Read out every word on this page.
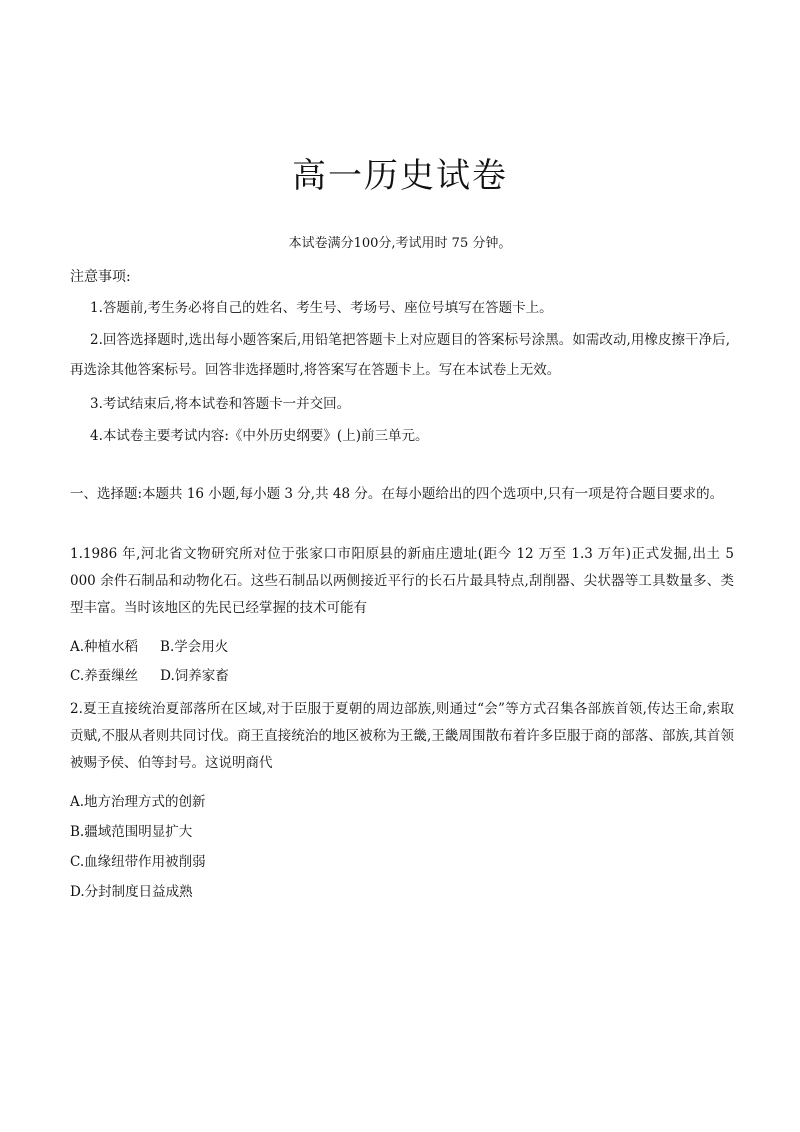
高一历史试卷
本试卷满分100分,考试用时 75 分钟。
注意事项:
1.答题前,考生务必将自己的姓名、考生号、考场号、座位号填写在答题卡上。
2.回答选择题时,选出每小题答案后,用铅笔把答题卡上对应题目的答案标号涂黑。如需改动,用橡皮擦干净后,再选涂其他答案标号。回答非选择题时,将答案写在答题卡上。写在本试卷上无效。
3.考试结束后,将本试卷和答题卡一并交回。
4.本试卷主要考试内容:《中外历史纲要》(上)前三单元。
一、选择题:本题共 16 小题,每小题 3 分,共 48 分。在每小题给出的四个选项中,只有一项是符合题目要求的。
1.1986 年,河北省文物研究所对位于张家口市阳原县的新庙庄遗址(距今 12 万至 1.3 万年)正式发掘,出土 5 000 余件石制品和动物化石。这些石制品以两侧接近平行的长石片最具特点,刮削器、尖状器等工具数量多、类型丰富。当时该地区的先民已经掌握的技术可能有
A.种植水稻 B.学会用火
C.养蚕缫丝 D.饲养家畜
2.夏王直接统治夏部落所在区域,对于臣服于夏朝的周边部族,则通过“会”等方式召集各部族首领,传达王命,索取贡赋,不服从者则共同讨伐。商王直接统治的地区被称为王畿,王畿周围散布着许多臣服于商的部落、部族,其首领被赐予侯、伯等封号。这说明商代
A.地方治理方式的创新
B.疆域范围明显扩大
C.血缘纽带作用被削弱
D.分封制度日益成熟
